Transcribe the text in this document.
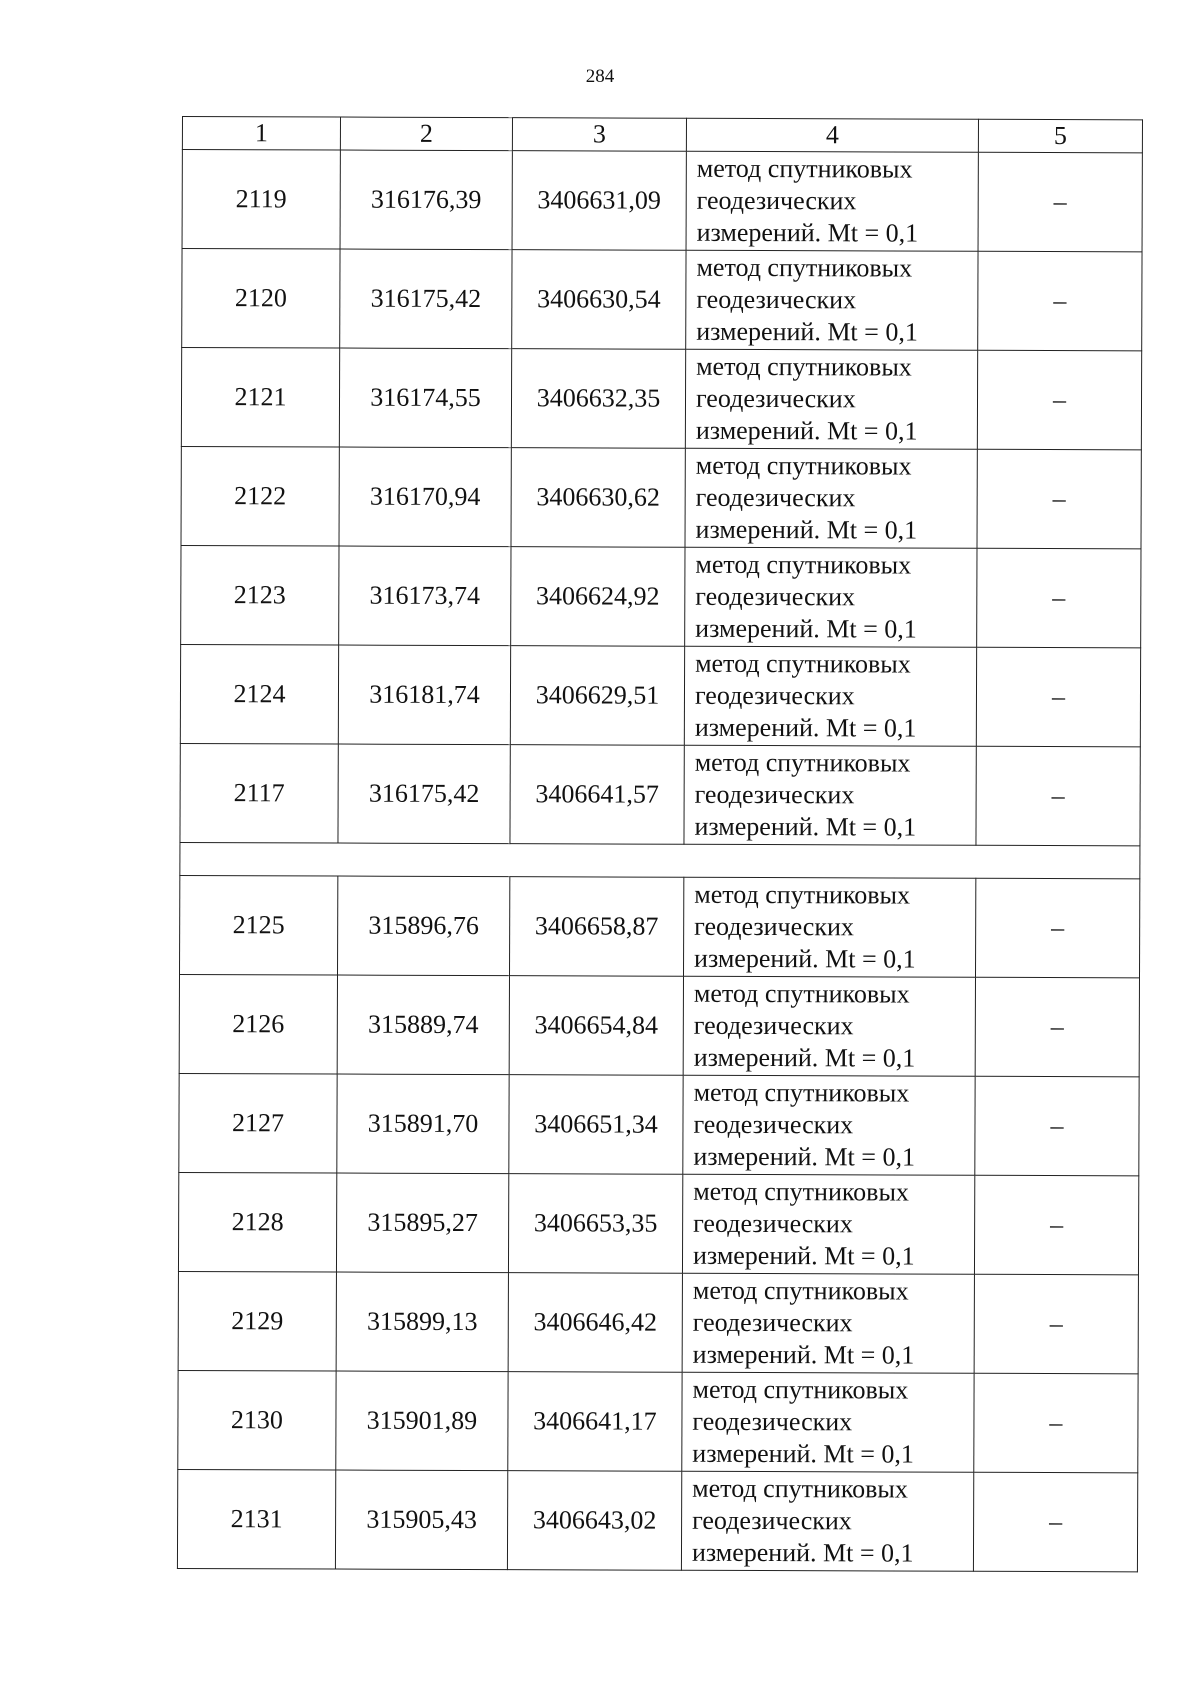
284
1	2	3	4	5
2119	316176,39	3406631,09	метод спутниковых
геодезических
измерений. Mt = 0,1	–
2120	316175,42	3406630,54	метод спутниковых
геодезических
измерений. Mt = 0,1	–
2121	316174,55	3406632,35	метод спутниковых
геодезических
измерений. Mt = 0,1	–
2122	316170,94	3406630,62	метод спутниковых
геодезических
измерений. Mt = 0,1	–
2123	316173,74	3406624,92	метод спутниковых
геодезических
измерений. Mt = 0,1	–
2124	316181,74	3406629,51	метод спутниковых
геодезических
измерений. Mt = 0,1	–
2117	316175,42	3406641,57	метод спутниковых
геодезических
измерений. Mt = 0,1	–

2125	315896,76	3406658,87	метод спутниковых
геодезических
измерений. Mt = 0,1	–
2126	315889,74	3406654,84	метод спутниковых
геодезических
измерений. Mt = 0,1	–
2127	315891,70	3406651,34	метод спутниковых
геодезических
измерений. Mt = 0,1	–
2128	315895,27	3406653,35	метод спутниковых
геодезических
измерений. Mt = 0,1	–
2129	315899,13	3406646,42	метод спутниковых
геодезических
измерений. Mt = 0,1	–
2130	315901,89	3406641,17	метод спутниковых
геодезических
измерений. Mt = 0,1	–
2131	315905,43	3406643,02	метод спутниковых
геодезических
измерений. Mt = 0,1	–
